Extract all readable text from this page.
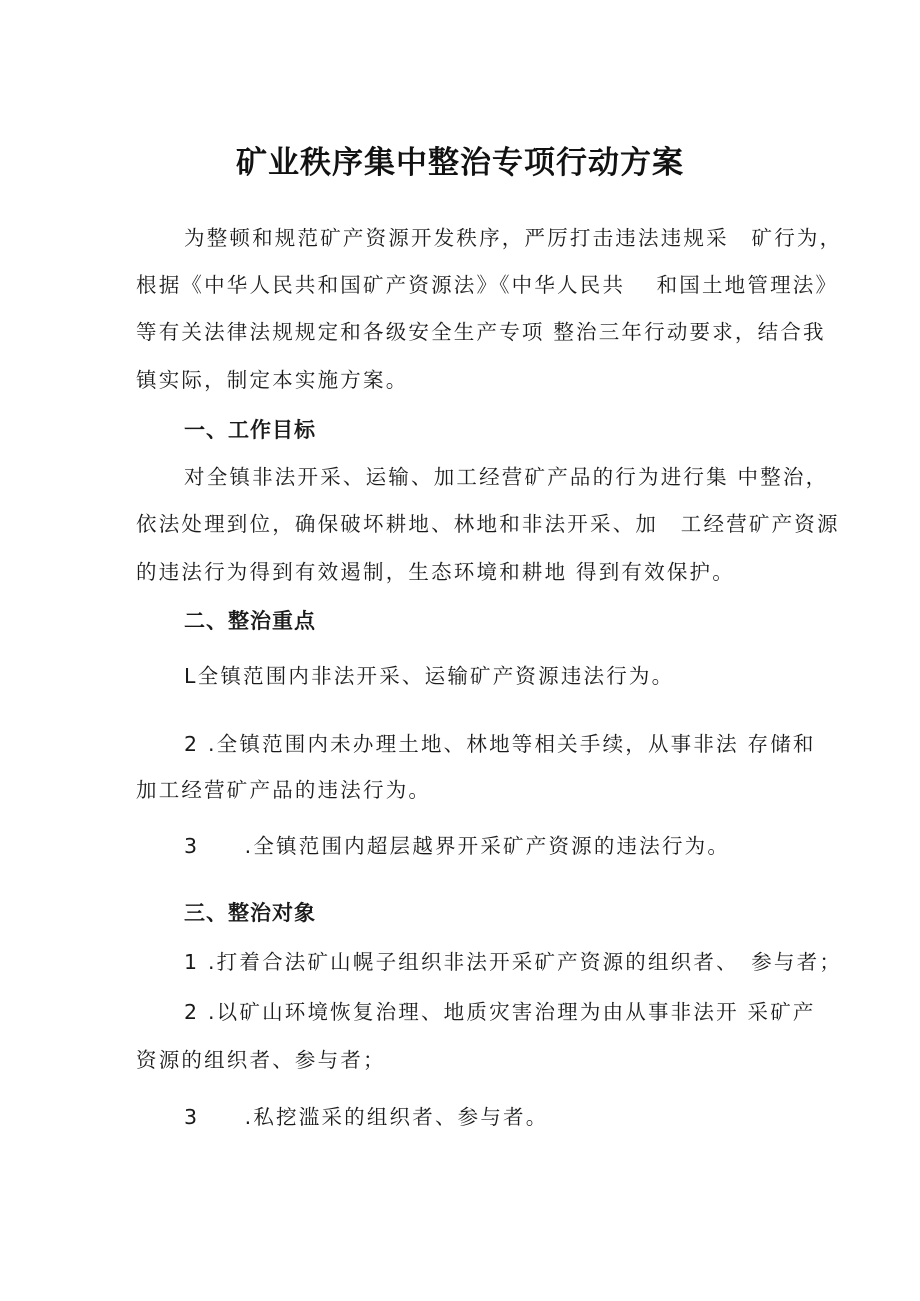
矿业秩序集中整治专项行动方案
为整顿和规范矿产资源开发秩序，严厉打击违法违规采　矿行为，
根据《中华人民共和国矿产资源法》《中华人民共　 和国土地管理法》
等有关法律法规规定和各级安全生产专项 整治三年行动要求，结合我
镇实际，制定本实施方案。
一、工作目标
对全镇非法开采、运输、加工经营矿产品的行为进行集 中整治，
依法处理到位，确保破坏耕地、林地和非法开采、加　工经营矿产资源
的违法行为得到有效遏制，生态环境和耕地 得到有效保护。
二、整治重点
L全镇范围内非法开采、运输矿产资源违法行为。
2 .全镇范围内未办理土地、林地等相关手续，从事非法 存储和
加工经营矿产品的违法行为。
3　　.全镇范围内超层越界开采矿产资源的违法行为。
三、整治对象
1 .打着合法矿山幌子组织非法开采矿产资源的组织者、　参与者；
2 .以矿山环境恢复治理、地质灾害治理为由从事非法开 采矿产
资源的组织者、参与者；
3　　.私挖滥采的组织者、参与者。
